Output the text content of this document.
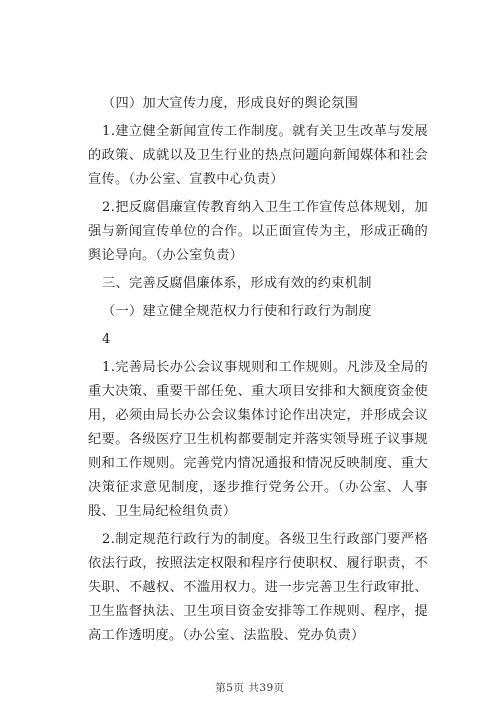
（四）加大宣传力度，形成良好的舆论氛围

1.建立健全新闻宣传工作制度。就有关卫生改革与发展的政策、成就以及卫生行业的热点问题向新闻媒体和社会宣传。（办公室、宣教中心负责）

2.把反腐倡廉宣传教育纳入卫生工作宣传总体规划，加强与新闻宣传单位的合作。以正面宣传为主，形成正确的舆论导向。（办公室负责）

三、完善反腐倡廉体系，形成有效的约束机制

（一）建立健全规范权力行使和行政行为制度

4

1.完善局长办公会议事规则和工作规则。凡涉及全局的重大决策、重要干部任免、重大项目安排和大额度资金使用，必须由局长办公会议集体讨论作出决定，并形成会议纪要。各级医疗卫生机构都要制定并落实领导班子议事规则和工作规则。完善党内情况通报和情况反映制度、重大决策征求意见制度，逐步推行党务公开。（办公室、人事股、卫生局纪检组负责）

2.制定规范行政行为的制度。各级卫生行政部门要严格依法行政，按照法定权限和程序行使职权、履行职责，不失职、不越权、不滥用权力。进一步完善卫生行政审批、卫生监督执法、卫生项目资金安排等工作规则、程序，提高工作透明度。（办公室、法监股、党办负责）

第5页 共39页
